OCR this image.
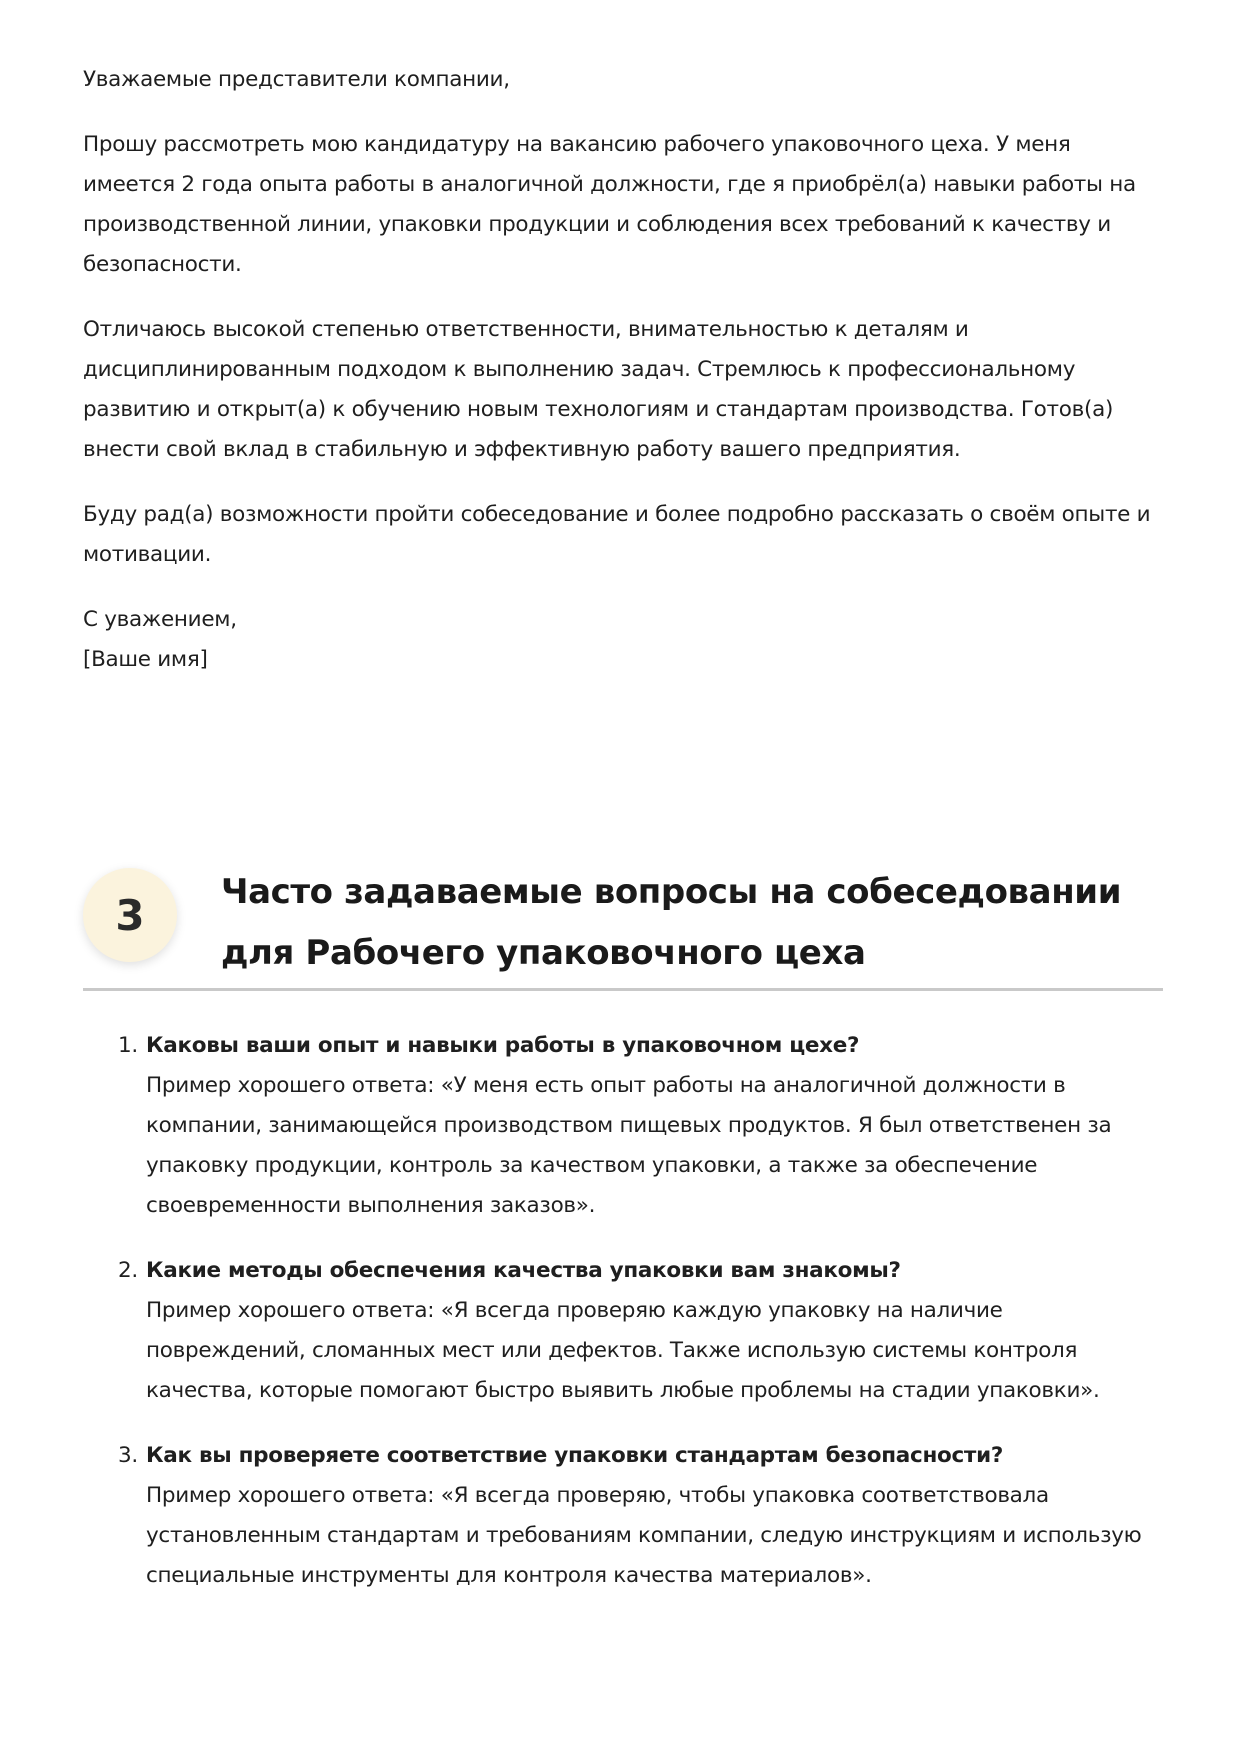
Уважаемые представители компании,

Прошу рассмотреть мою кандидатуру на вакансию рабочего упаковочного цеха. У меня имеется 2 года опыта работы в аналогичной должности, где я приобрёл(а) навыки работы на производственной линии, упаковки продукции и соблюдения всех требований к качеству и безопасности.

Отличаюсь высокой степенью ответственности, внимательностью к деталям и дисциплинированным подходом к выполнению задач. Стремлюсь к профессиональному развитию и открыт(а) к обучению новым технологиям и стандартам производства. Готов(а) внести свой вклад в стабильную и эффективную работу вашего предприятия.

Буду рад(а) возможности пройти собеседование и более подробно рассказать о своём опыте и мотивации.

С уважением,
[Ваше имя]

3	Часто задаваемые вопросы на собеседовании для Рабочего упаковочного цеха
1. Каковы ваши опыт и навыки работы в упаковочном цехе?
Пример хорошего ответа: «У меня есть опыт работы на аналогичной должности в компании, занимающейся производством пищевых продуктов. Я был ответственен за упаковку продукции, контроль за качеством упаковки, а также за обеспечение своевременности выполнения заказов».
2. Какие методы обеспечения качества упаковки вам знакомы?
Пример хорошего ответа: «Я всегда проверяю каждую упаковку на наличие повреждений, сломанных мест или дефектов. Также использую системы контроля качества, которые помогают быстро выявить любые проблемы на стадии упаковки».
3. Как вы проверяете соответствие упаковки стандартам безопасности?
Пример хорошего ответа: «Я всегда проверяю, чтобы упаковка соответствовала установленным стандартам и требованиям компании, следую инструкциям и использую специальные инструменты для контроля качества материалов».
